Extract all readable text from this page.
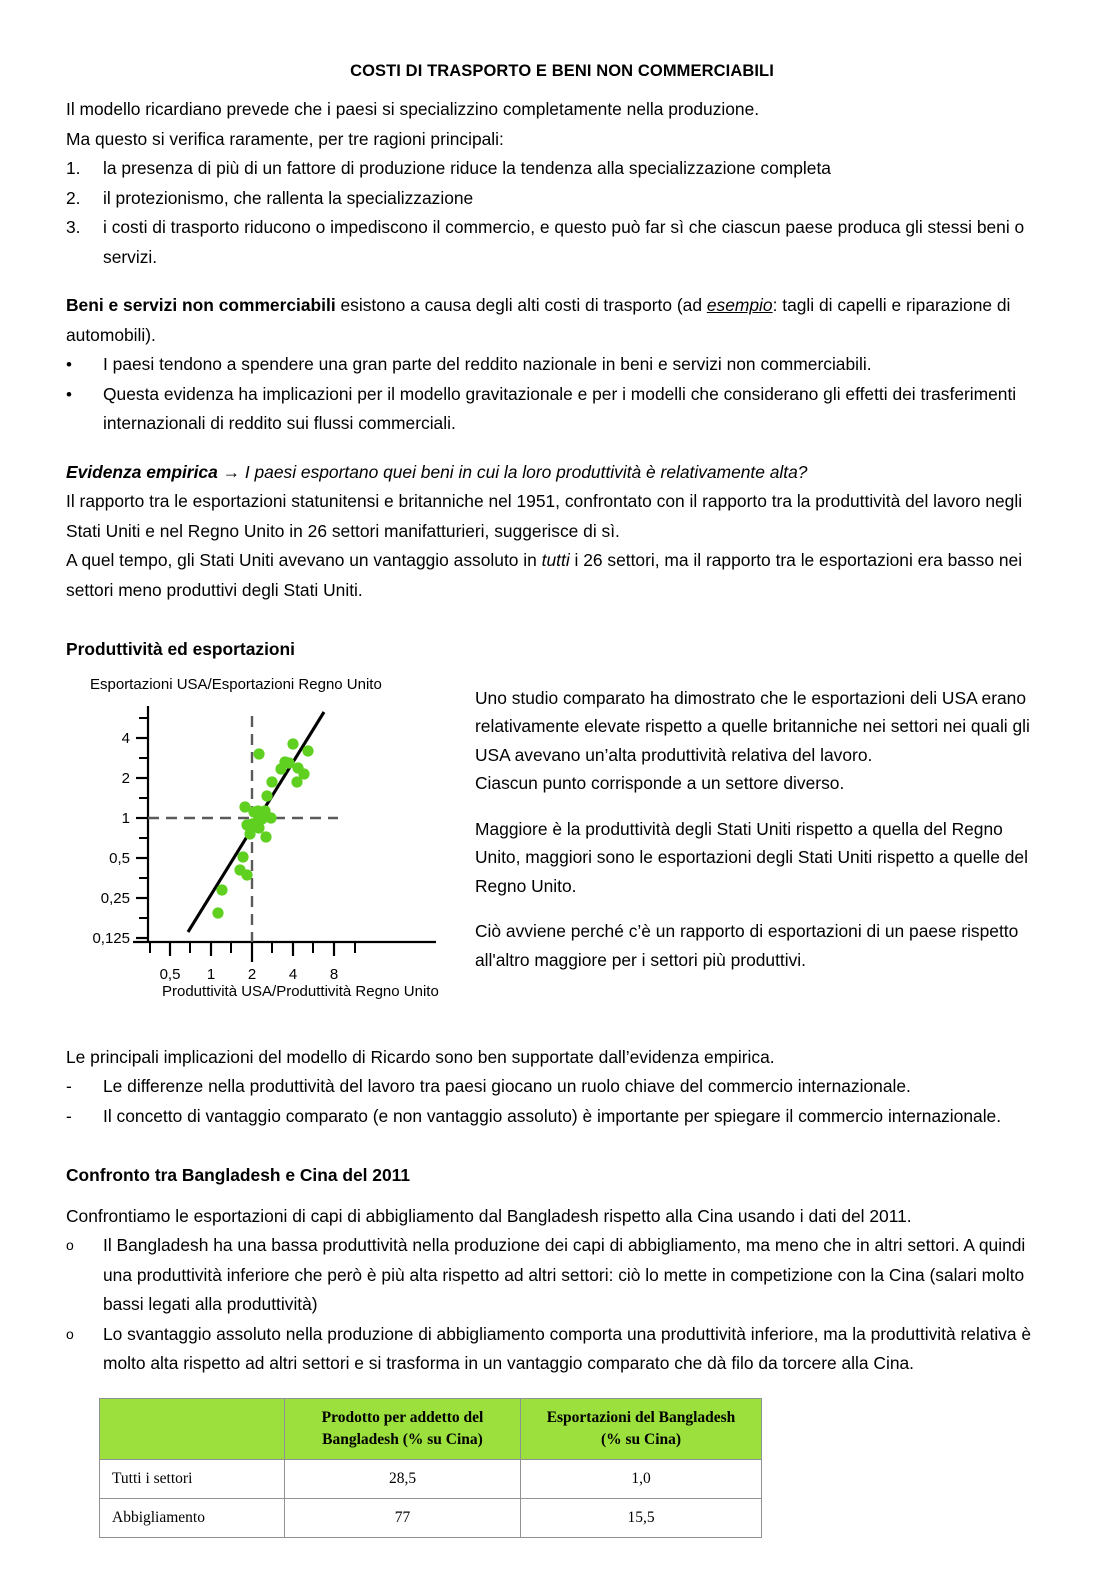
COSTI DI TRASPORTO E BENI NON COMMERCIABILI

Il modello ricardiano prevede che i paesi si specializzino completamente nella produzione.

Ma questo si verifica raramente, per tre ragioni principali:

1.	la presenza di più di un fattore di produzione riduce la tendenza alla specializzazione completa
2.	il protezionismo, che rallenta la specializzazione
3.	i costi di trasporto riducono o impediscono il commercio, e questo può far sì che ciascun paese produca gli stessi beni o servizi.

Beni e servizi non commerciabili esistono a causa degli alti costi di trasporto (ad esempio: tagli di capelli e riparazione di automobili).

•	I paesi tendono a spendere una gran parte del reddito nazionale in beni e servizi non commerciabili.
•	Questa evidenza ha implicazioni per il modello gravitazionale e per i modelli che considerano gli effetti dei trasferimenti internazionali di reddito sui flussi commerciali.

Evidenza empirica → I paesi esportano quei beni in cui la loro produttività è relativamente alta?

Il rapporto tra le esportazioni statunitensi e britanniche nel 1951, confrontato con il rapporto tra la produttività del lavoro negli Stati Uniti e nel Regno Unito in 26 settori manifatturieri, suggerisce di sì.

A quel tempo, gli Stati Uniti avevano un vantaggio assoluto in tutti i 26 settori, ma il rapporto tra le esportazioni era basso nei settori meno produttivi degli Stati Uniti.

Produttività ed esportazioni
Esportazioni USA/Esportazioni Regno Unito
Produttività USA/Produttività Regno Unito
4
2
1
0,5
0,25
0,125
0,5 1 2 4 8

Uno studio comparato ha dimostrato che le esportazioni deli USA erano relativamente elevate rispetto a quelle britanniche nei settori nei quali gli USA avevano un’alta produttività relativa del lavoro.

Ciascun punto corrisponde a un settore diverso.

Maggiore è la produttività degli Stati Uniti rispetto a quella del Regno Unito, maggiori sono le esportazioni degli Stati Uniti rispetto a quelle del Regno Unito.

Ciò avviene perché c’è un rapporto di esportazioni di un paese rispetto all'altro maggiore per i settori più produttivi.

Le principali implicazioni del modello di Ricardo sono ben supportate dall’evidenza empirica.

-	Le differenze nella produttività del lavoro tra paesi giocano un ruolo chiave del commercio internazionale.
-	Il concetto di vantaggio comparato (e non vantaggio assoluto) è importante per spiegare il commercio internazionale.
Confronto tra Bangladesh e Cina del 2011

Confrontiamo le esportazioni di capi di abbigliamento dal Bangladesh rispetto alla Cina usando i dati del 2011.

o	Il Bangladesh ha una bassa produttività nella produzione dei capi di abbigliamento, ma meno che in altri settori. A quindi una produttività inferiore che però è più alta rispetto ad altri settori: ciò lo mette in competizione con la Cina (salari molto bassi legati alla produttività)
o	Lo svantaggio assoluto nella produzione di abbigliamento comporta una produttività inferiore, ma la produttività relativa è molto alta rispetto ad altri settori e si trasforma in un vantaggio comparato che dà filo da torcere alla Cina.

Prodotto per addetto del
Bangladesh (% su Cina)

Esportazioni del Bangladesh
(% su Cina)

Tutti i settori	28,5	1,0
Abbigliamento	77	15,5
